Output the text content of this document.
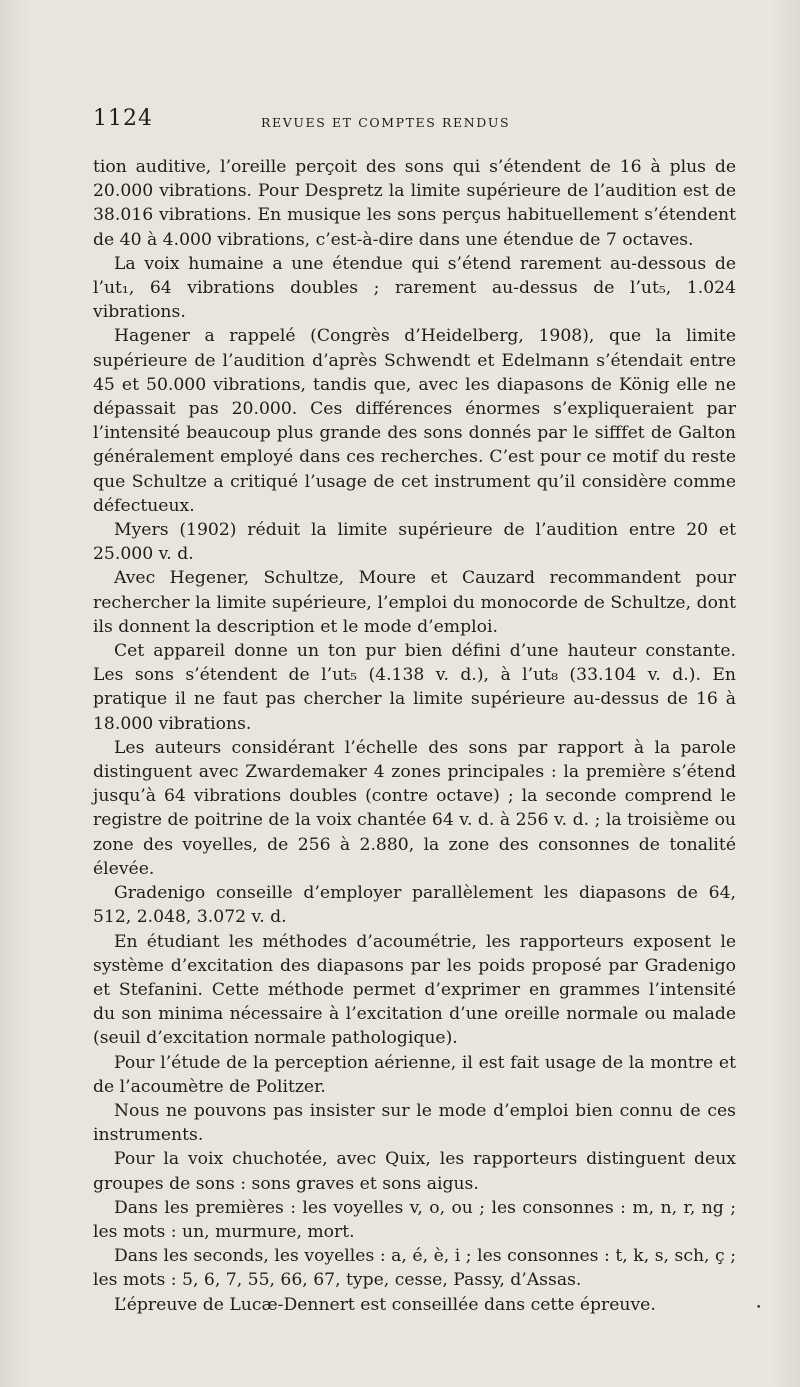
1124	REVUES ET COMPTES RENDUS

tion auditive, l’oreille perçoit des sons qui s’étendent de 16 à plus de 20.000 vibrations. Pour Despretz la limite supérieure de l’audition est de 38.016 vibrations. En musique les sons perçus habituellement s’étendent de 40 à 4.000 vibrations, c’est-à-dire dans une étendue de 7 octaves.

La voix humaine a une étendue qui s’étend rarement au-dessous de l’ut₁, 64 vibrations doubles ; rarement au-dessus de l’ut₅, 1.024 vibrations.

Hagener a rappelé (Congrès d’Heidelberg, 1908), que la limite supérieure de l’audition d’après Schwendt et Edelmann s’étendait entre 45 et 50.000 vibrations, tandis que, avec les diapasons de König elle ne dépassait pas 20.000. Ces différences énormes s’expliqueraient par l’intensité beaucoup plus grande des sons donnés par le sifffet de Galton généralement employé dans ces recherches. C’est pour ce motif du reste que Schultze a critiqué l’usage de cet instrument qu’il considère comme défectueux.

Myers (1902) réduit la limite supérieure de l’audition entre 20 et 25.000 v. d.

Avec Hegener, Schultze, Moure et Cauzard recommandent pour rechercher la limite supérieure, l’emploi du monocorde de Schultze, dont ils donnent la description et le mode d’emploi.

Cet appareil donne un ton pur bien défini d’une hauteur constante. Les sons s’étendent de l’ut₅ (4.138 v. d.), à l’ut₈ (33.104 v. d.). En pratique il ne faut pas chercher la limite supérieure au-dessus de 16 à 18.000 vibrations.

Les auteurs considérant l’échelle des sons par rapport à la parole distinguent avec Zwardemaker 4 zones principales : la première s’étend jusqu’à 64 vibrations doubles (contre octave) ; la seconde comprend le registre de poitrine de la voix chantée 64 v. d. à 256 v. d. ; la troisième ou zone des voyelles, de 256 à 2.880, la zone des consonnes de tonalité élevée.

Gradenigo conseille d’employer parallèlement les diapasons de 64, 512, 2.048, 3.072 v. d.

En étudiant les méthodes d’acoumétrie, les rapporteurs exposent le système d’excitation des diapasons par les poids proposé par Gradenigo et Stefanini. Cette méthode permet d’exprimer en grammes l’intensité du son minima nécessaire à l’excitation d’une oreille normale ou malade (seuil d’excitation normale pathologique).

Pour l’étude de la perception aérienne, il est fait usage de la montre et de l’acoumètre de Politzer.

Nous ne pouvons pas insister sur le mode d’emploi bien connu de ces instruments.

Pour la voix chuchotée, avec Quix, les rapporteurs distinguent deux groupes de sons : sons graves et sons aigus.

Dans les premières : les voyelles v, o, ou ; les consonnes : m, n, r, ng ; les mots : un, murmure, mort.

Dans les seconds, les voyelles : a, é, è, i ; les consonnes : t, k, s, sch, ç ; les mots : 5, 6, 7, 55, 66, 67, type, cesse, Passy, d’Assas.

L’épreuve de Lucæ-Dennert est conseillée dans cette épreuve.	•
